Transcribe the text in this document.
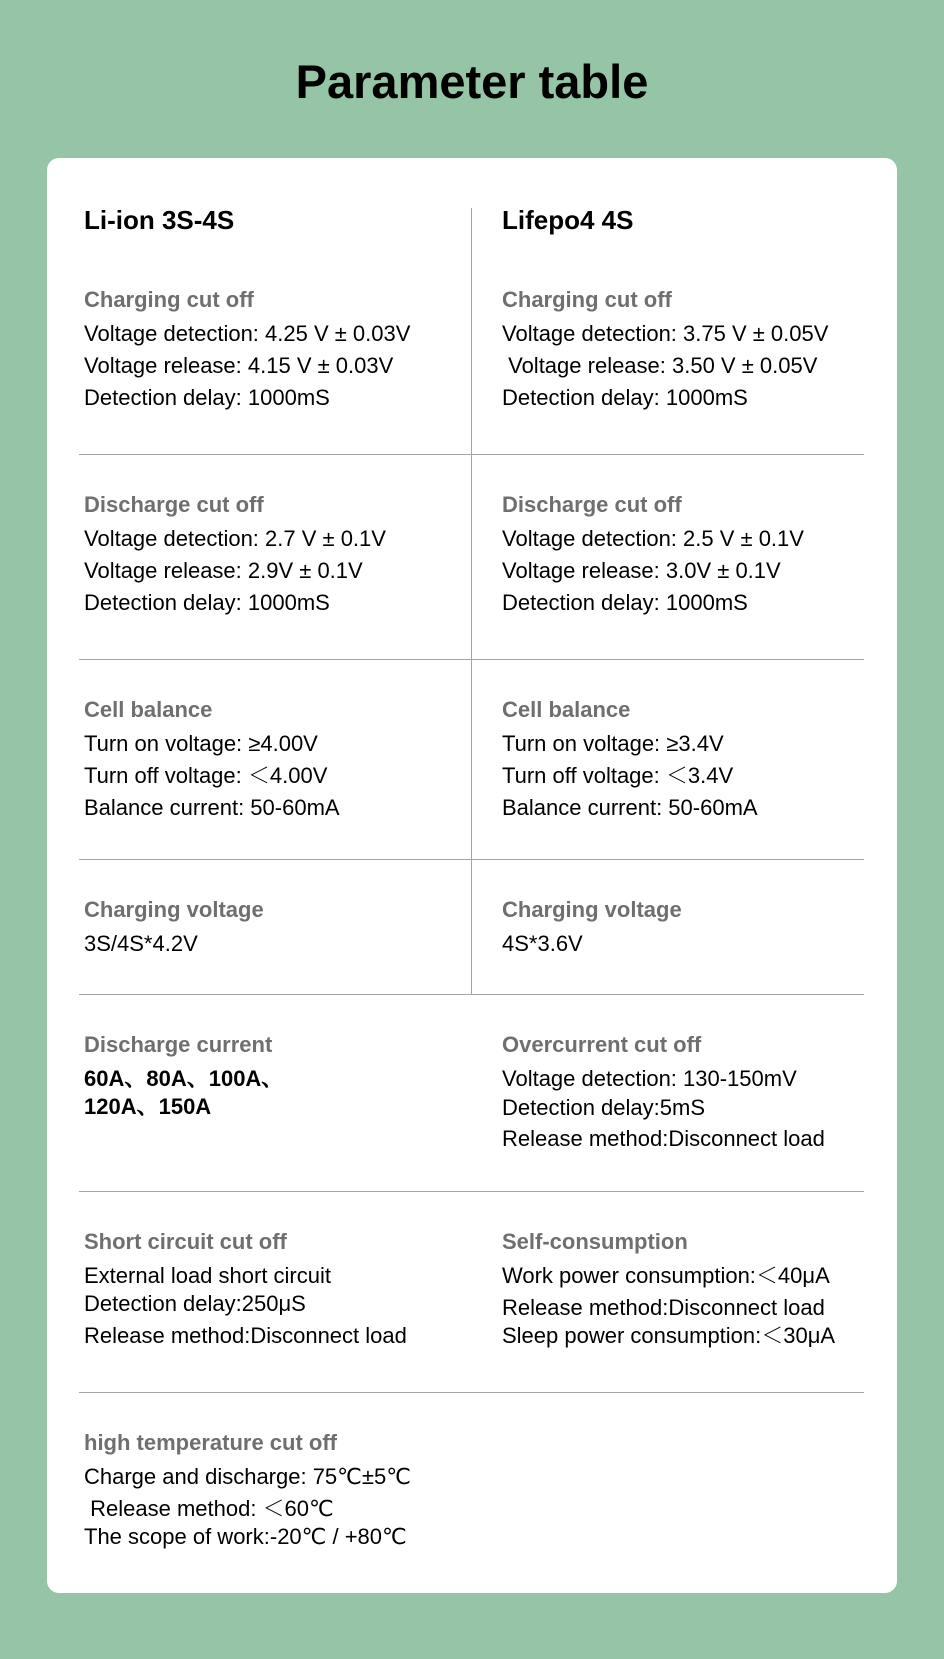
Parameter table
Li-ion 3S-4S	Lifepo4 4S
Charging cut off
Voltage detection: 4.25 V ± 0.03V
Voltage release: 4.15 V ± 0.03V
Detection delay: 1000mS
Charging cut off
Voltage detection: 3.75 V ± 0.05V
Voltage release: 3.50 V ± 0.05V
Detection delay: 1000mS
Discharge cut off
Voltage detection: 2.7 V ± 0.1V
Voltage release: 2.9V ± 0.1V
Detection delay: 1000mS
Discharge cut off
Voltage detection: 2.5 V ± 0.1V
Voltage release: 3.0V ± 0.1V
Detection delay: 1000mS
Cell balance
Turn on voltage: ≥4.00V
Turn off voltage: ＜4.00V
Balance current: 50-60mA
Cell balance
Turn on voltage: ≥3.4V
Turn off voltage: ＜3.4V
Balance current: 50-60mA
Charging voltage
3S/4S*4.2V
Charging voltage
4S*3.6V
Discharge current
60A、80A、100A、
120A、150A
Overcurrent cut off
Voltage detection: 130-150mV
Detection delay:5mS
Release method:Disconnect load
Short circuit cut off
External load short circuit
Detection delay:250μS
Release method:Disconnect load
Self-consumption
Work power consumption:＜40μA
Release method:Disconnect load
Sleep power consumption:＜30μA
high temperature cut off
Charge and discharge: 75℃±5℃
Release method: ＜60℃
The scope of work:-20℃ / +80℃
